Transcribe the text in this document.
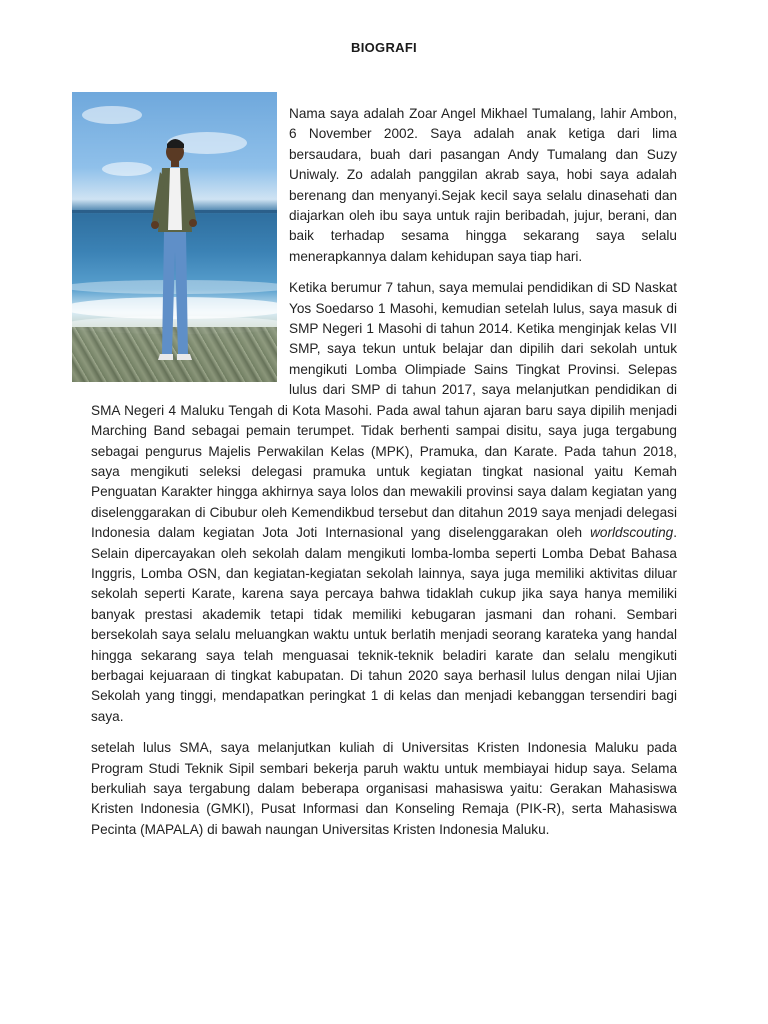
BIOGRAFI

Nama saya adalah Zoar Angel Mikhael Tumalang, lahir Ambon, 6 November 2002. Saya adalah anak ketiga dari lima bersaudara, buah dari pasangan Andy Tumalang dan Suzy Uniwaly. Zo adalah panggilan akrab saya, hobi saya adalah berenang dan menyanyi.Sejak kecil saya selalu dinasehati dan diajarkan oleh ibu saya untuk rajin beribadah, jujur, berani, dan baik terhadap sesama hingga sekarang saya selalu menerapkannya dalam kehidupan saya tiap hari.

Ketika berumur 7 tahun, saya memulai pendidikan di SD Naskat Yos Soedarso 1 Masohi, kemudian setelah lulus, saya masuk di SMP Negeri 1 Masohi di tahun 2014. Ketika menginjak kelas VII SMP, saya tekun untuk belajar dan dipilih dari sekolah untuk mengikuti Lomba Olimpiade Sains Tingkat Provinsi. Selepas lulus dari SMP di tahun 2017, saya melanjutkan pendidikan di SMA Negeri 4 Maluku Tengah di Kota Masohi. Pada awal tahun ajaran baru saya dipilih menjadi Marching Band sebagai pemain terumpet. Tidak berhenti sampai disitu, saya juga tergabung sebagai pengurus Majelis Perwakilan Kelas (MPK), Pramuka, dan Karate. Pada tahun 2018, saya mengikuti seleksi delegasi pramuka untuk kegiatan tingkat nasional yaitu Kemah Penguatan Karakter hingga akhirnya saya lolos dan mewakili provinsi saya dalam kegiatan yang diselenggarakan di Cibubur oleh Kemendikbud tersebut dan ditahun 2019 saya menjadi delegasi Indonesia dalam kegiatan Jota Joti Internasional yang diselenggarakan oleh worldscouting. Selain dipercayakan oleh sekolah dalam mengikuti lomba-lomba seperti Lomba Debat Bahasa Inggris, Lomba OSN, dan kegiatan-kegiatan sekolah lainnya, saya juga memiliki aktivitas diluar sekolah seperti Karate, karena saya percaya bahwa tidaklah cukup jika saya hanya memiliki banyak prestasi akademik tetapi tidak memiliki kebugaran jasmani dan rohani. Sembari bersekolah saya selalu meluangkan waktu untuk berlatih menjadi seorang karateka yang handal hingga sekarang saya telah menguasai teknik-teknik beladiri karate dan selalu mengikuti berbagai kejuaraan di tingkat kabupatan. Di tahun 2020 saya berhasil lulus dengan nilai Ujian Sekolah yang tinggi, mendapatkan peringkat 1 di kelas dan menjadi kebanggan tersendiri bagi saya.

setelah lulus SMA, saya melanjutkan kuliah di Universitas Kristen Indonesia Maluku pada Program Studi Teknik Sipil sembari bekerja paruh waktu untuk membiayai hidup saya. Selama berkuliah saya tergabung dalam beberapa organisasi mahasiswa yaitu: Gerakan Mahasiswa Kristen Indonesia (GMKI), Pusat Informasi dan Konseling Remaja (PIK-R), serta Mahasiswa Pecinta (MAPALA) di bawah naungan Universitas Kristen Indonesia Maluku.
